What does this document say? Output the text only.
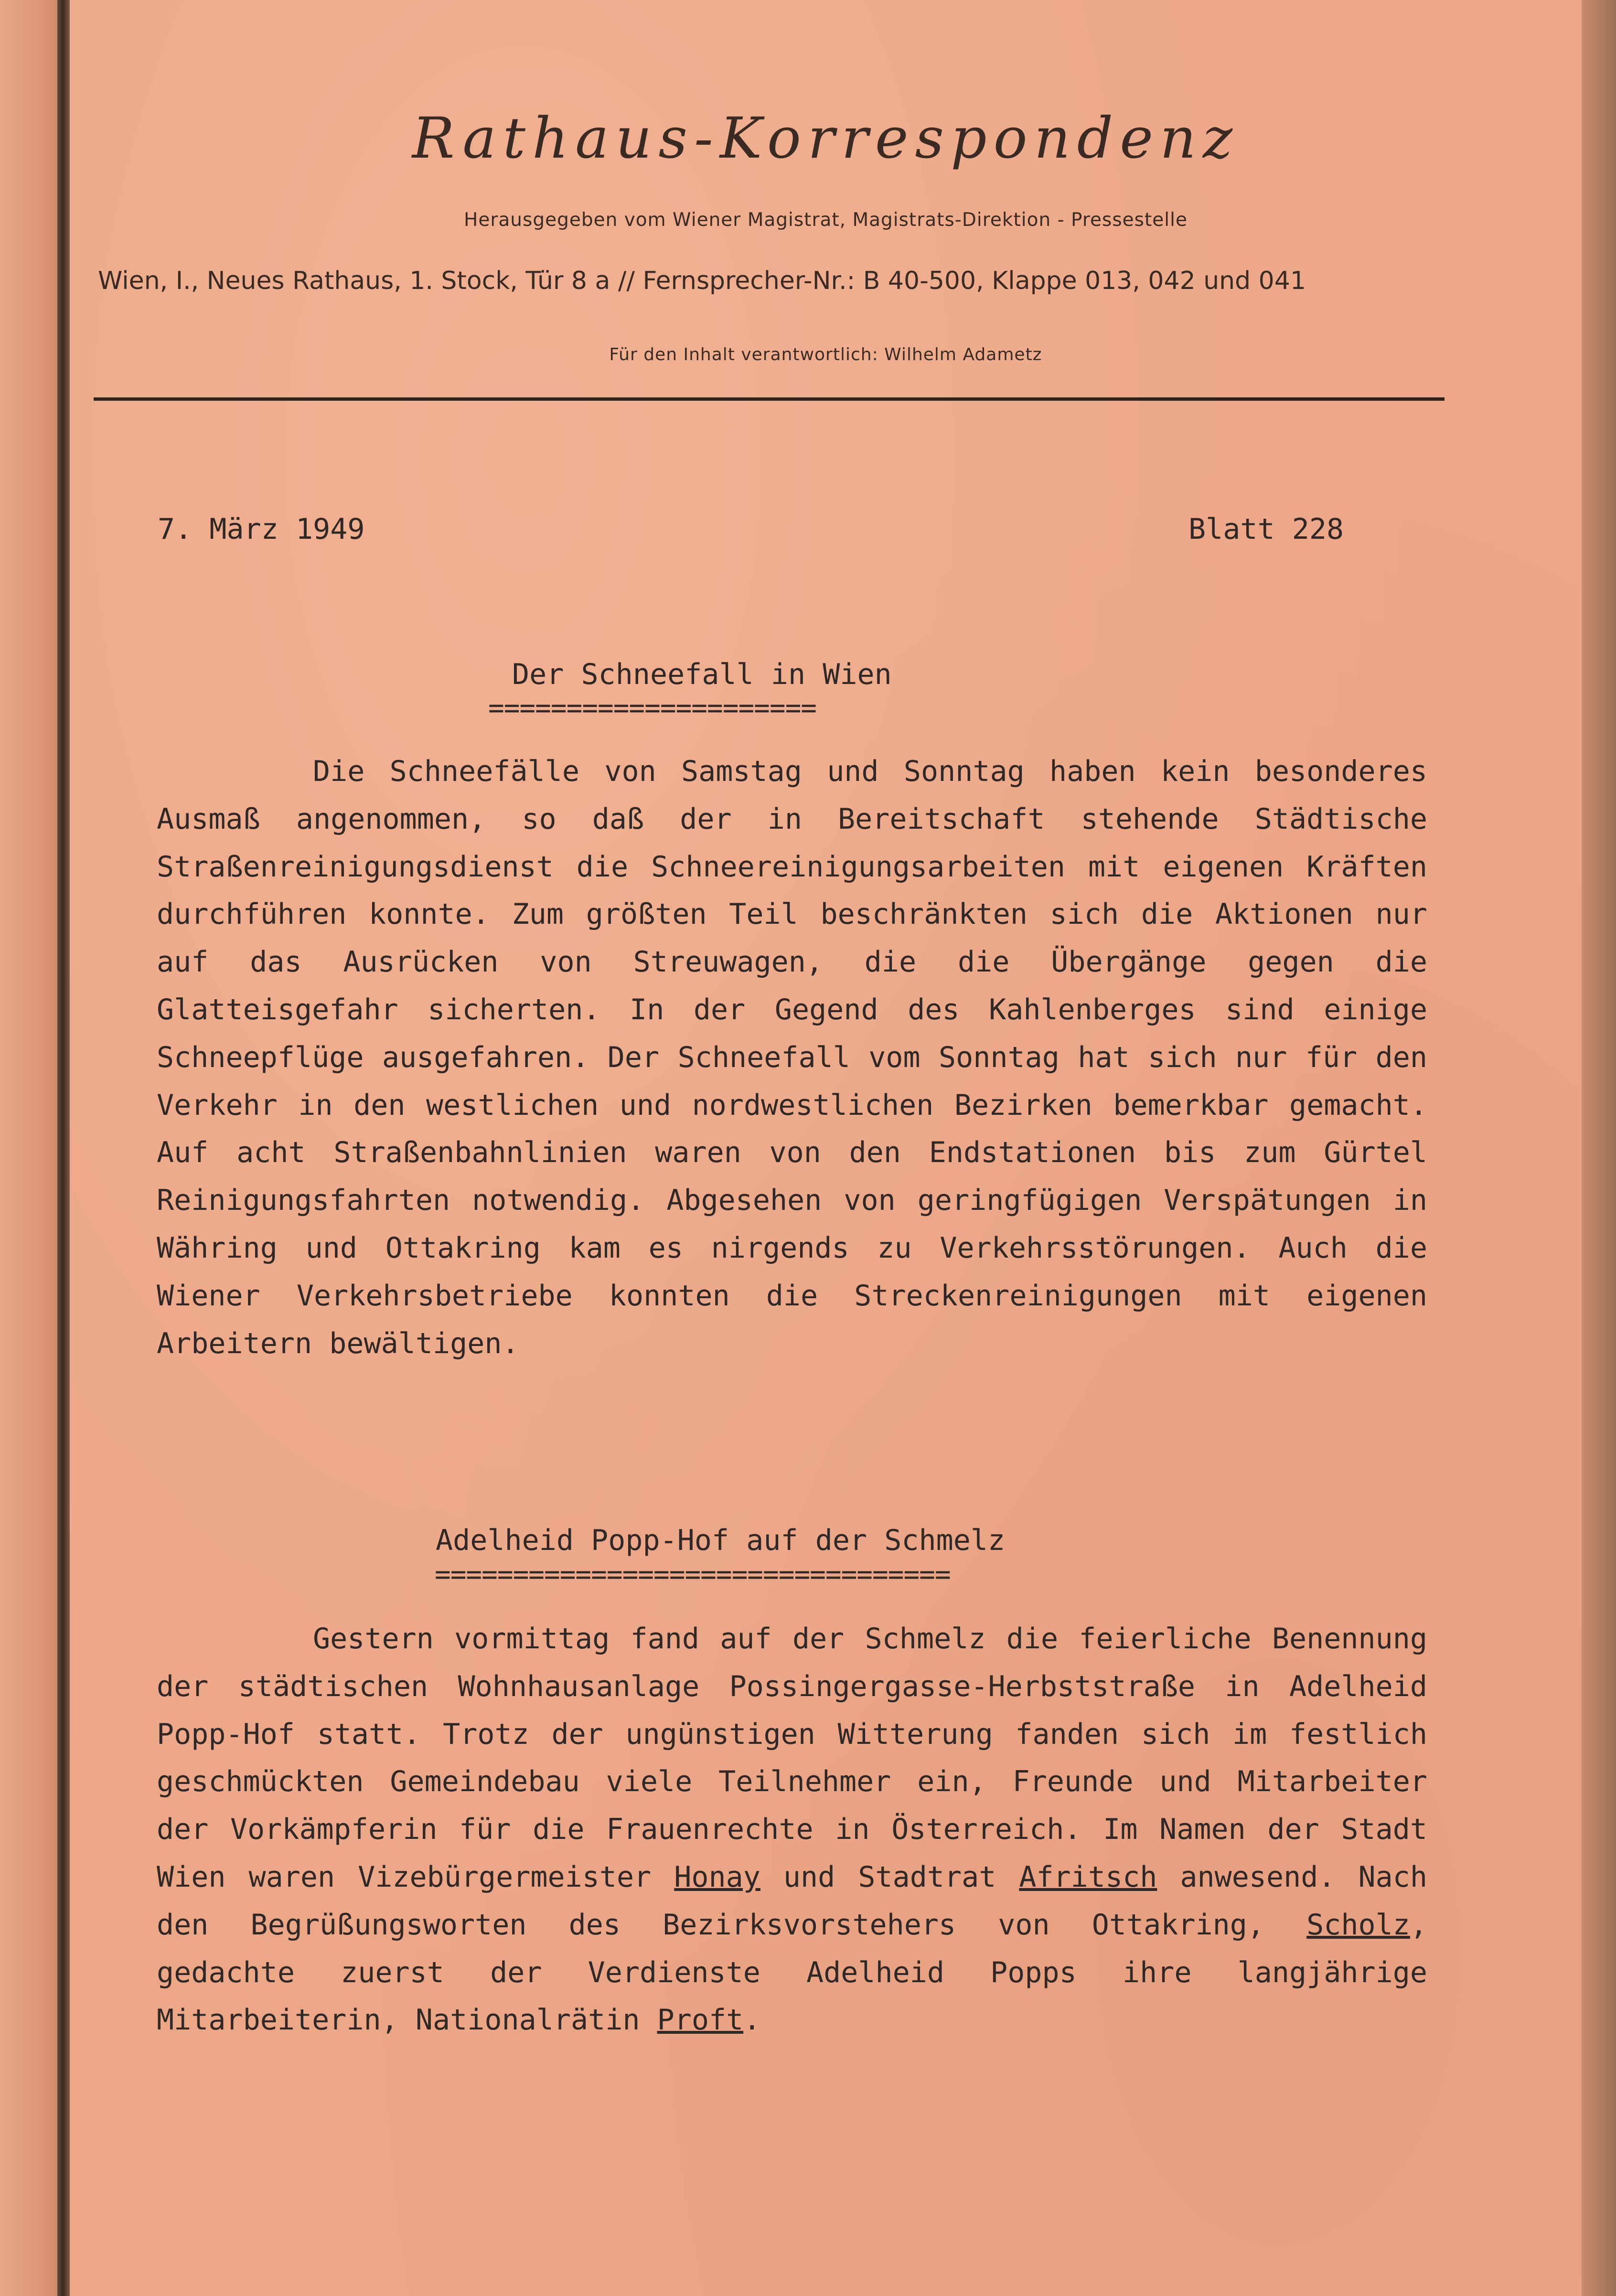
Rathaus-Korrespondenz
Herausgegeben vom Wiener Magistrat, Magistrats-Direktion - Pressestelle
Wien, I., Neues Rathaus, 1. Stock, Tür 8 a // Fernsprecher-Nr.: B 40-500, Klappe 013, 042 und 041
Für den Inhalt verantwortlich: Wilhelm Adametz
7. März 1949	Blatt 228
Der Schneefall in Wien
=====================
Die Schneefälle von Samstag und Sonntag haben kein besonderes Ausmaß angenommen, so daß der in Bereitschaft stehende Städtische Straßenreinigungsdienst die Schneereinigungsarbeiten mit eigenen Kräften durchführen konnte. Zum größten Teil beschränkten sich die Aktionen nur auf das Ausrücken von Streuwagen, die die Übergänge gegen die Glatteisgefahr sicherten. In der Gegend des Kahlenberges sind einige Schneepflüge ausgefahren. Der Schneefall vom Sonntag hat sich nur für den Verkehr in den westlichen und nordwestlichen Bezirken bemerkbar gemacht. Auf acht Straßenbahnlinien waren von den Endstationen bis zum Gürtel Reinigungsfahrten notwendig. Abgesehen von geringfügigen Verspätungen in Währing und Ottakring kam es nirgends zu Verkehrsstörungen. Auch die Wiener Verkehrsbetriebe konnten die Streckenreinigungen mit eigenen Arbeitern bewältigen.
Adelheid Popp-Hof auf der Schmelz
=================================
Gestern vormittag fand auf der Schmelz die feierliche Benennung der städtischen Wohnhausanlage Possingergasse-Herbststraße in Adelheid Popp-Hof statt. Trotz der ungünstigen Witterung fanden sich im festlich geschmückten Gemeindebau viele Teilnehmer ein, Freunde und Mitarbeiter der Vorkämpferin für die Frauenrechte in Österreich. Im Namen der Stadt Wien waren Vizebürgermeister Honay und Stadtrat Afritsch anwesend. Nach den Begrüßungsworten des Bezirksvorstehers von Ottakring, Scholz, gedachte zuerst der Verdienste Adelheid Popps ihre langjährige Mitarbeiterin, Nationalrätin Proft.
